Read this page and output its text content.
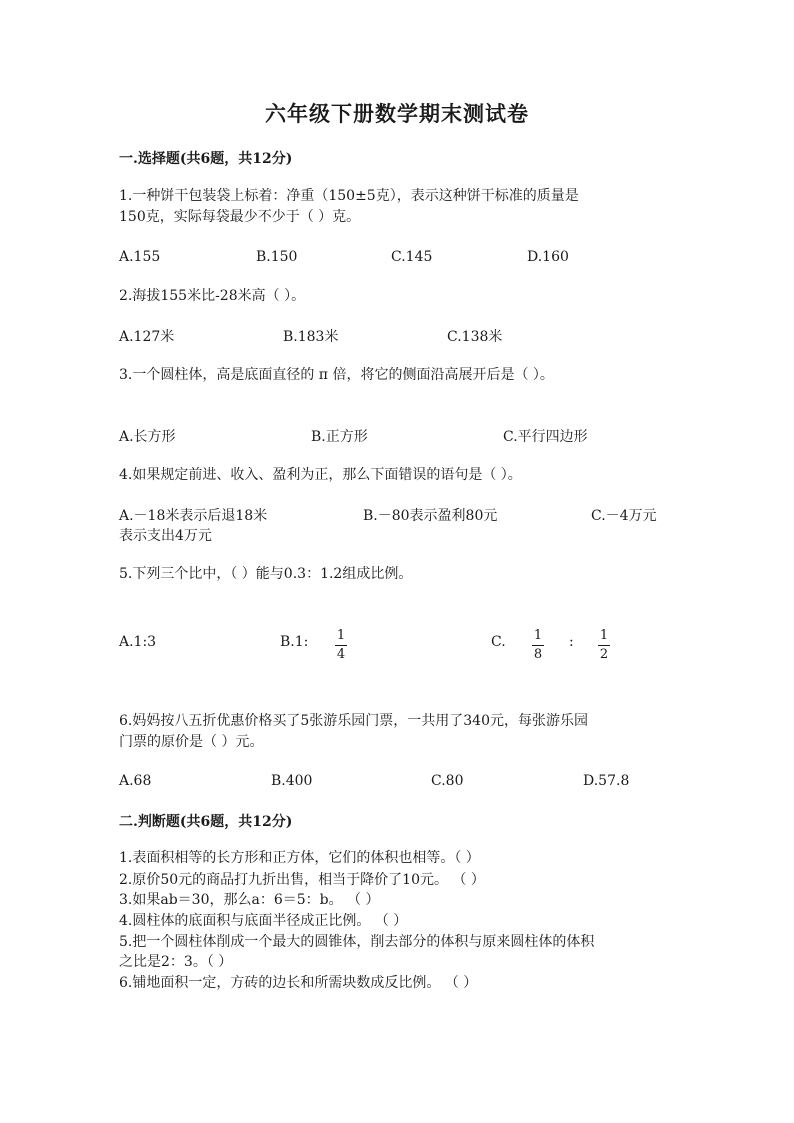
六年级下册数学期末测试卷
一.选择题(共6题，共12分)
1.一种饼干包装袋上标着：净重（150±5克），表示这种饼干标准的质量是
150克，实际每袋最少不少于（ ）克。
A.155	B.150	C.145	D.160
2.海拔155米比-28米高（ ）。
A.127米	B.183米	C.138米
3.一个圆柱体，高是底面直径的 π 倍，将它的侧面沿高展开后是（ ）。
A.长方形	B.正方形	C.平行四边形
4.如果规定前进、收入、盈利为正，那么下面错误的语句是（ ）。
A.－18米表示后退18米	B.－80表示盈利80元	C.－4万元
表示支出4万元
5.下列三个比中，（ ）能与0.3：1.2组成比例。
A.1:3	B.1: 1
4
C. 1
8
: 1
2
6.妈妈按八五折优惠价格买了5张游乐园门票，一共用了340元，每张游乐园
门票的原价是（ ）元。
A.68	B.400	C.80	D.57.8
二.判断题(共6题，共12分)
1.表面积相等的长方形和正方体，它们的体积也相等。（ ）
2.原价50元的商品打九折出售，相当于降价了10元。 （ ）
3.如果ab＝30，那么a：6＝5：b。 （ ）
4.圆柱体的底面积与底面半径成正比例。 （ ）
5.把一个圆柱体削成一个最大的圆锥体，削去部分的体积与原来圆柱体的体积
之比是2：3。（ ）
6.铺地面积一定，方砖的边长和所需块数成反比例。 （ ）
